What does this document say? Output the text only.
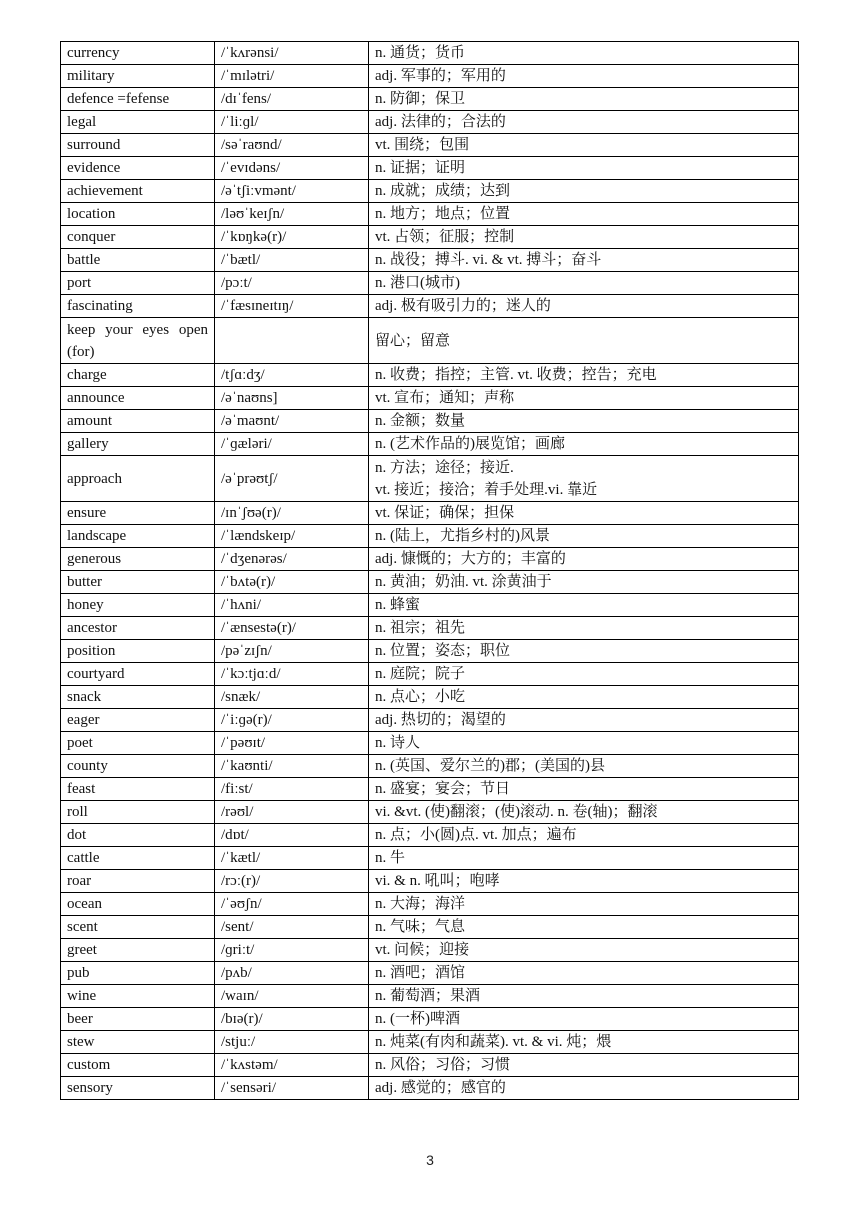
currency	/ˈkʌrənsi/	n. 通货；货币
military	/ˈmɪlətri/	adj. 军事的；军用的
defence =fefense	/dɪˈfens/	n. 防御；保卫
legal	/ˈliːɡl/	adj. 法律的；合法的
surround	/səˈraʊnd/	vt. 围绕；包围
evidence	/ˈevɪdəns/	n. 证据；证明
achievement	/əˈtʃiːvmənt/	n. 成就；成绩；达到
location	/ləʊˈkeɪʃn/	n. 地方；地点；位置
conquer	/ˈkɒŋkə(r)/	vt. 占领；征服；控制
battle	/ˈbætl/	n. 战役；搏斗. vi. & vt. 搏斗；奋斗
port	/pɔːt/	n. 港口(城市)
fascinating	/ˈfæsɪneɪtɪŋ/	adj. 极有吸引力的；迷人的
keep your eyes open (for)		留心；留意
charge	/tʃɑːdʒ/	n. 收费；指控；主管. vt. 收费；控告；充电
announce	/əˈnaʊns]	vt. 宣布；通知；声称
amount	/əˈmaʊnt/	n. 金额；数量
gallery	/ˈɡæləri/	n. (艺术作品的)展览馆；画廊
approach	/əˈprəʊtʃ/	n. 方法；途径；接近.
vt. 接近；接洽；着手处理.vi. 靠近

ensure	/ɪnˈʃʊə(r)/	vt. 保证；确保；担保
landscape	/ˈlændskeɪp/	n. (陆上，尤指乡村的)风景
generous	/ˈdʒenərəs/	adj. 慷慨的；大方的；丰富的
butter	/ˈbʌtə(r)/	n. 黄油；奶油. vt. 涂黄油于
honey	/ˈhʌni/	n. 蜂蜜
ancestor	/ˈænsestə(r)/	n. 祖宗；祖先
position	/pəˈzɪʃn/	n. 位置；姿态；职位
courtyard	/ˈkɔːtjɑːd/	n. 庭院；院子
snack	/snæk/	n. 点心；小吃
eager	/ˈiːɡə(r)/	adj. 热切的；渴望的
poet	/ˈpəʊɪt/	n. 诗人
county	/ˈkaʊnti/	n. (英国、爱尔兰的)郡；(美国的)县
feast	/fiːst/	n. 盛宴；宴会；节日
roll	/rəʊl/	vi. &vt. (使)翻滚；(使)滚动. n. 卷(轴)；翻滚
dot	/dɒt/	n. 点；小(圆)点. vt. 加点；遍布
cattle	/ˈkætl/	n. 牛
roar	/rɔː(r)/	vi. & n. 吼叫；咆哮
ocean	/ˈəʊʃn/	n. 大海；海洋
scent	/sent/	n. 气味；气息
greet	/ɡriːt/	vt. 问候；迎接
pub	/pʌb/	n. 酒吧；酒馆
wine	/waɪn/	n. 葡萄酒；果酒
beer	/bɪə(r)/	n. (一杯)啤酒
stew	/stjuː/	n. 炖菜(有肉和蔬菜). vt. & vi. 炖；煨
custom	/ˈkʌstəm/	n. 风俗；习俗；习惯
sensory	/ˈsensəri/	adj. 感觉的；感官的
3
